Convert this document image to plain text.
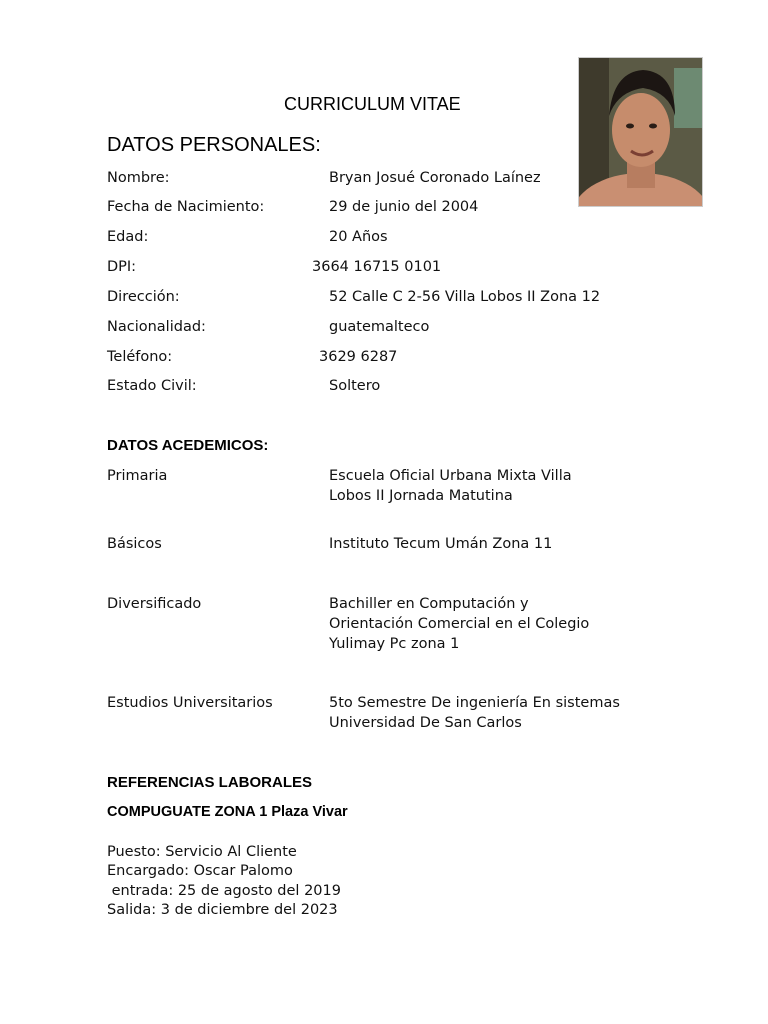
CURRICULUM VITAE
DATOS PERSONALES:
Nombre:	Bryan Josué Coronado Laínez
Fecha de Nacimiento:	29 de junio del 2004
Edad:	20 Años
DPI:	3664 16715 0101
Dirección:	52 Calle C 2-56 Villa Lobos II Zona 12
Nacionalidad:	guatemalteco
Teléfono:	3629 6287
Estado Civil:	Soltero
DATOS ACEDEMICOS:
Primaria	Escuela Oficial Urbana Mixta Villa
Lobos II Jornada Matutina
Básicos	Instituto Tecum Umán Zona 11
Diversificado	Bachiller en Computación y
Orientación Comercial en el Colegio
Yulimay Pc zona 1
Estudios Universitarios	5to Semestre De ingeniería En sistemas
Universidad De San Carlos
REFERENCIAS LABORALES
COMPUGUATE ZONA 1 Plaza Vivar
Puesto: Servicio Al Cliente
Encargado: Oscar Palomo
entrada: 25 de agosto del 2019
Salida: 3 de diciembre del 2023
